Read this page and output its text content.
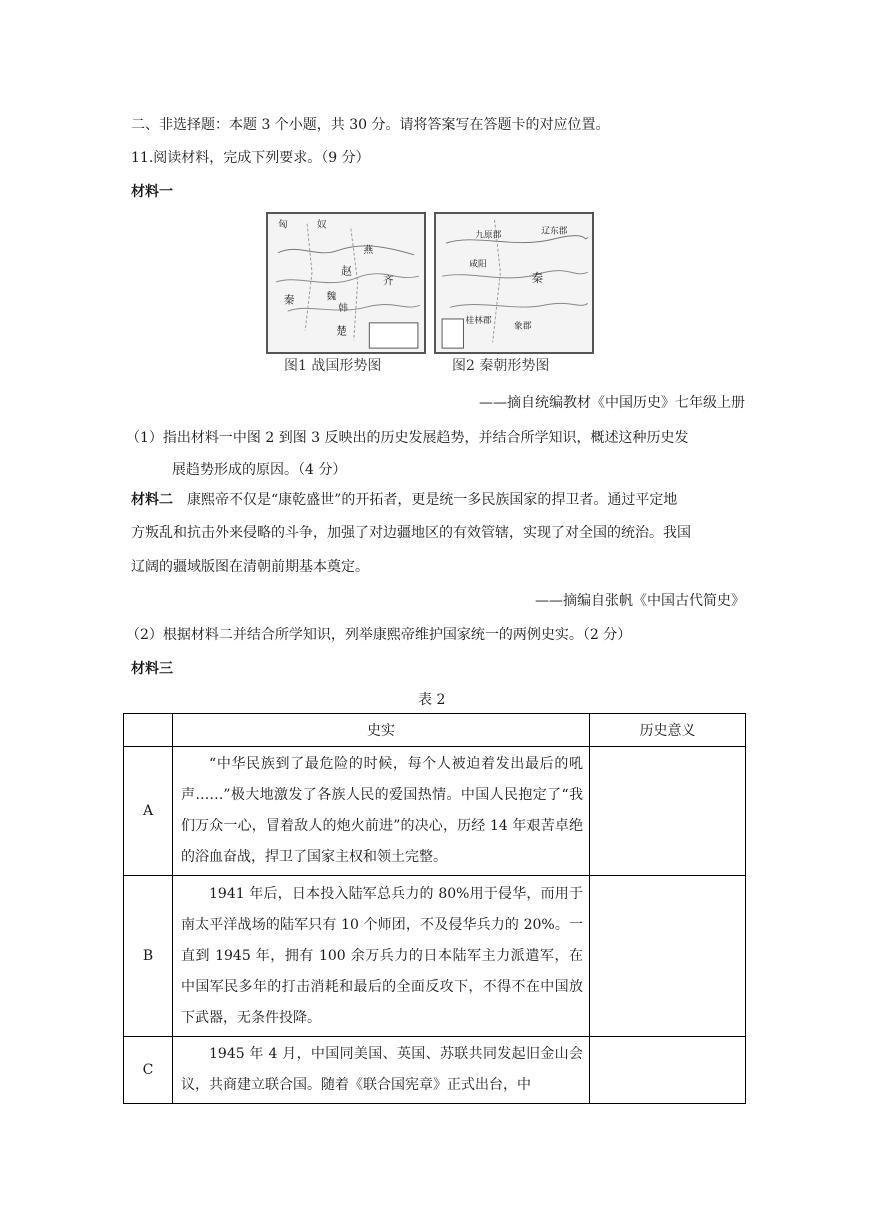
二、非选择题：本题 3 个小题，共 30 分。请将答案写在答题卡的对应位置。
11.阅读材料，完成下列要求。（9 分）
材料一
匈	奴
燕
赵
齐
秦	魏
韩
楚
辽东郡
九原郡
咸阳
秦
桂林郡
象郡
图1 战国形势图	图2 秦朝形势图
——摘自统编教材《中国历史》七年级上册
（1）指出材料一中图 2 到图 3 反映出的历史发展趋势，并结合所学知识，概述这种历史发
展趋势形成的原因。（4 分）
材料二 康熙帝不仅是“康乾盛世”的开拓者，更是统一多民族国家的捍卫者。通过平定地
方叛乱和抗击外来侵略的斗争，加强了对边疆地区的有效管辖，实现了对全国的统治。我国
辽阔的疆域版图在清朝前期基本奠定。
——摘编自张帆《中国古代简史》
（2）根据材料二并结合所学知识，列举康熙帝维护国家统一的两例史实。（2 分）
材料三
表 2
	史实	历史意义
A	“中华民族到了最危险的时候，每个人被迫着发出最后的吼声……”极大地激发了各族人民的爱国热情。中国人民抱定了“我们万众一心，冒着敌人的炮火前进”的决心，历经 14 年艰苦卓绝的浴血奋战，捍卫了国家主权和领土完整。	
B	1941 年后，日本投入陆军总兵力的 80%用于侵华，而用于南太平洋战场的陆军只有 10 个师团，不及侵华兵力的 20%。一直到 1945 年，拥有 100 余万兵力的日本陆军主力派遣军，在中国军民多年的打击消耗和最后的全面反攻下，不得不在中国放下武器，无条件投降。	
C	1945 年 4 月，中国同美国、英国、苏联共同发起旧金山会议，共商建立联合国。随着《联合国宪章》正式出台，中	
